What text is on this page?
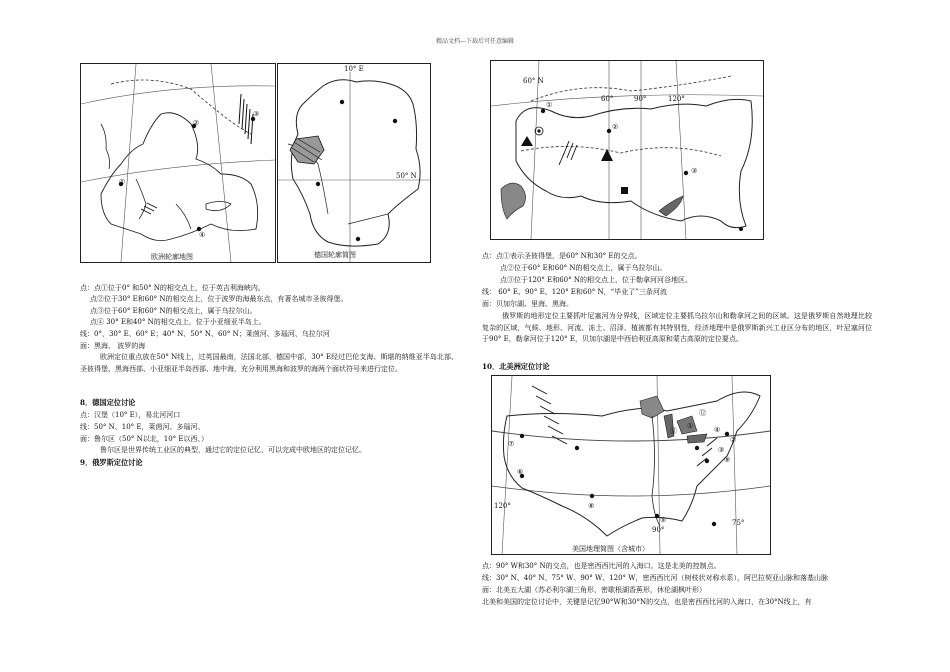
精品文档---下载后可任意编辑
①
②
③
④
欧洲轮廓地图
10° E
50° N
德国轮廓简图
点：点①位于0° 和50° N的相交点上，位于英吉利海峡内。
点②位于30° E和60° N的相交点上，位于波罗的海最东点，有著名城市圣彼得堡。
点③位于60° E和60° N的相交点上，属于乌拉尔山。
点④ 30° E和40° N的相交点上，位于小亚细亚半岛上。
线：0°，30° E、60° E；40° N、50° N、60° N；莱茵河、多瑙河、乌拉尔河
面：黑海、 波罗的海
欧洲定位重点放在50° N线上，过英国最南，法国北部，德国中部，30° E经过巴伦支海、斯堪的纳维亚半岛北部、圣彼得堡、黑海西部、小亚细亚半岛西部、地中海，充分利用黑海和波罗的海两个面状符号来进行定位。
8．德国定位讨论
点：汉堡（10° E），易北河河口
线：50° N、10° E，莱茵河、多瑙河。
面：鲁尔区（50° N以北，10° E以西、）
鲁尔区是世界传统工业区的典型，通过它的定位记忆，可以完成中欧地区的定位记忆。
9．俄罗斯定位讨论
60° N
60°	90°	120°
①
②
③
点：点①表示圣彼得堡，是60° N和30° E的交点。
点②位于60° E和60° N的相交点上，属于乌拉尔山。
点③位于120° E和60° N的相交点上，位于勒拿河河谷地区。
线： 60° E、90° E、120° E和60° N，“毕业了”三条河流
面：贝加尔湖、里海、黑海。
俄罗斯的地形定位主要抓叶尼塞河为分界线，区域定位主要抓乌拉尔山和勒拿河之间的区域。这是俄罗斯自然地理比较复杂的区域，气候、地形、河流、冻土、沼泽、植被都有其特别性，经济地理中是俄罗斯新兴工业区分布的地区，叶尼塞河位于90° E，勒拿河位于120° E，贝加尔湖是中西伯利亚高原和蒙古高原的定位要点。
10．北美洲定位讨论
120°
90°
75°
⑦
⑥
⑧
⑤
①
⑫
⑪
②
④
③
⑨
美国地理简图（含城市）
点：90° W和30° N的交点，也是密西西比河的入海口。这是北美的控制点。
线：30° N、40° N、75° W、90° W、120° W，密西西比河（树枝状对称水系），阿巴拉契亚山脉和落基山脉
面：北美五大湖（苏必利尔湖三角形，密歇根湖香蕉形，休伦湖枫叶形）
北美和美国的定位讨论中，关键是记忆90°W和30°N的交点，也是密西西比河的入海口，在30°N线上，有
